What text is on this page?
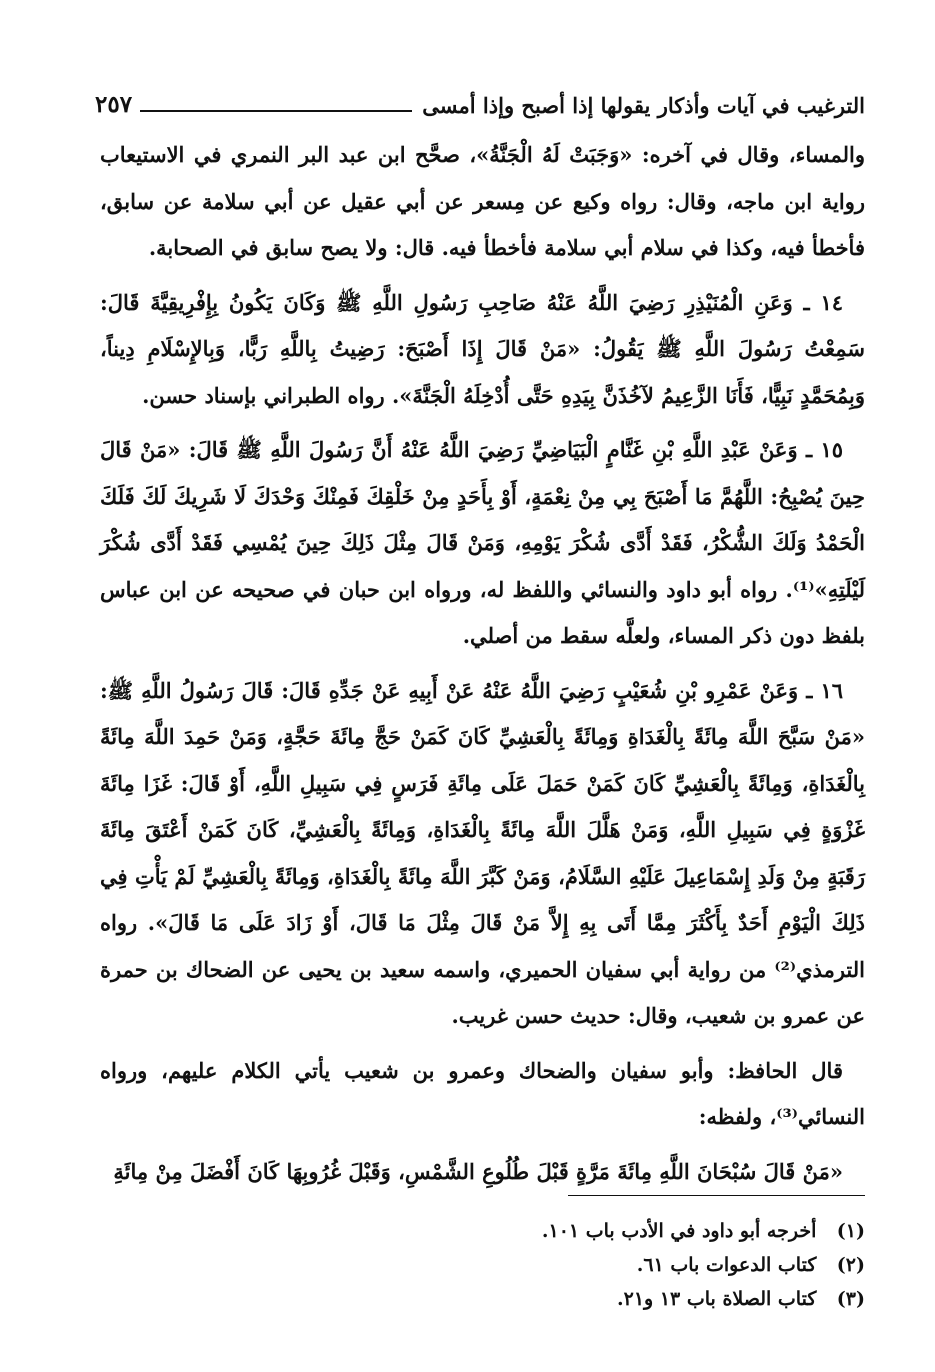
٢٥٧	الترغيب في آيات وأذكار يقولها إذا أصبح وإذا أمسى

والمساء، وقال في آخره: «وَجَبَتْ لَهُ الْجَنَّةُ»، صحَّح ابن عبد البر النمري في الاستيعاب رواية ابن ماجه، وقال: رواه وكيع عن مِسعر عن أبي عقيل عن أبي سلامة عن سابق، فأخطأ فيه، وكذا في سلام أبي سلامة فأخطأ فيه. قال: ولا يصح سابق في الصحابة.

١٤ ـ وَعَنِ الْمُنَيْذِرِ رَضِيَ اللَّهُ عَنْهُ صَاحِبِ رَسُولِ اللَّهِ ﷺ وَكَانَ يَكُونُ بِإِفْرِيقِيَّةَ قَالَ: سَمِعْتُ رَسُولَ اللَّهِ ﷺ يَقُولُ: «مَنْ قَالَ إِذَا أَصْبَحَ: رَضِيتُ بِاللَّهِ رَبًّا، وَبِالإِسْلَامِ دِيناً، وَبِمُحَمَّدٍ نَبِيًّا، فَأَنَا الزَّعِيمُ لآخُذَنَّ بِيَدِهِ حَتَّى أُدْخِلَهُ الْجَنَّةَ». رواه الطبراني بإسناد حسن.

١٥ ـ وَعَنْ عَبْدِ اللَّهِ بْنِ غَنَّامٍ الْبَيَاضِيِّ رَضِيَ اللَّهُ عَنْهُ أَنَّ رَسُولَ اللَّهِ ﷺ قَالَ: «مَنْ قَالَ حِينَ يُصْبِحُ: اللَّهُمَّ مَا أَصْبَحَ بِي مِنْ نِعْمَةٍ، أَوْ بِأَحَدٍ مِنْ خَلْقِكَ فَمِنْكَ وَحْدَكَ لَا شَرِيكَ لَكَ فَلَكَ الْحَمْدُ وَلَكَ الشُّكْرُ، فَقَدْ أَدَّى شُكْرَ يَوْمِهِ، وَمَنْ قَالَ مِثْلَ ذَلِكَ حِينَ يُمْسِي فَقَدْ أَدَّى شُكْرَ لَيْلَتِهِ»⁽¹⁾. رواه أبو داود والنسائي واللفظ له، ورواه ابن حبان في صحيحه عن ابن عباس بلفظ دون ذكر المساء، ولعلَّه سقط من أصلي.

١٦ ـ وَعَنْ عَمْرِو بْنِ شُعَيْبٍ رَضِيَ اللَّهُ عَنْهُ عَنْ أَبِيهِ عَنْ جَدِّهِ قَالَ: قَالَ رَسُولُ اللَّهِ ﷺ: «مَنْ سَبَّحَ اللَّهَ مِائَةً بِالْغَدَاةِ وَمِائَةً بِالْعَشِيِّ كَانَ كَمَنْ حَجَّ مِائَةَ حَجَّةٍ، وَمَنْ حَمِدَ اللَّهَ مِائَةً بِالْغَدَاةِ، وَمِائَةً بِالْعَشِيِّ كَانَ كَمَنْ حَمَلَ عَلَى مِائَةِ فَرَسٍ فِي سَبِيلِ اللَّهِ، أَوْ قَالَ: غَزَا مِائَةَ غَزْوَةٍ فِي سَبِيلِ اللَّهِ، وَمَنْ هَلَّلَ اللَّهَ مِائَةً بِالْغَدَاةِ، وَمِائَةً بِالْعَشِيِّ، كَانَ كَمَنْ أَعْتَقَ مِائَةَ رَقَبَةٍ مِنْ وَلَدِ إِسْمَاعِيلَ عَلَيْهِ السَّلَامُ، وَمَنْ كَبَّرَ اللَّهَ مِائَةً بِالْغَدَاةِ، وَمِائَةً بِالْعَشِيِّ لَمْ يَأْتِ فِي ذَلِكَ الْيَوْمِ أَحَدٌ بِأَكْثَرَ مِمَّا أَتَى بِهِ إِلاَّ مَنْ قَالَ مِثْلَ مَا قَالَ، أَوْ زَادَ عَلَى مَا قَالَ». رواه الترمذي⁽²⁾ من رواية أبي سفيان الحميري، واسمه سعيد بن يحيى عن الضحاك بن حمرة عن عمرو بن شعيب، وقال: حديث حسن غريب.

قال الحافظ: وأبو سفيان والضحاك وعمرو بن شعيب يأتي الكلام عليهم، ورواه النسائي⁽³⁾، ولفظه:

«مَنْ قَالَ سُبْحَانَ اللَّهِ مِائَةَ مَرَّةٍ قَبْلَ طُلُوعِ الشَّمْسِ، وَقَبْلَ غُرُوبِهَا كَانَ أَفْضَلَ مِنْ مِائَةِ

(١) أخرجه أبو داود في الأدب باب ١٠١.
(٢) كتاب الدعوات باب ٦١.
(٣) كتاب الصلاة باب ١٣ و٢١.
